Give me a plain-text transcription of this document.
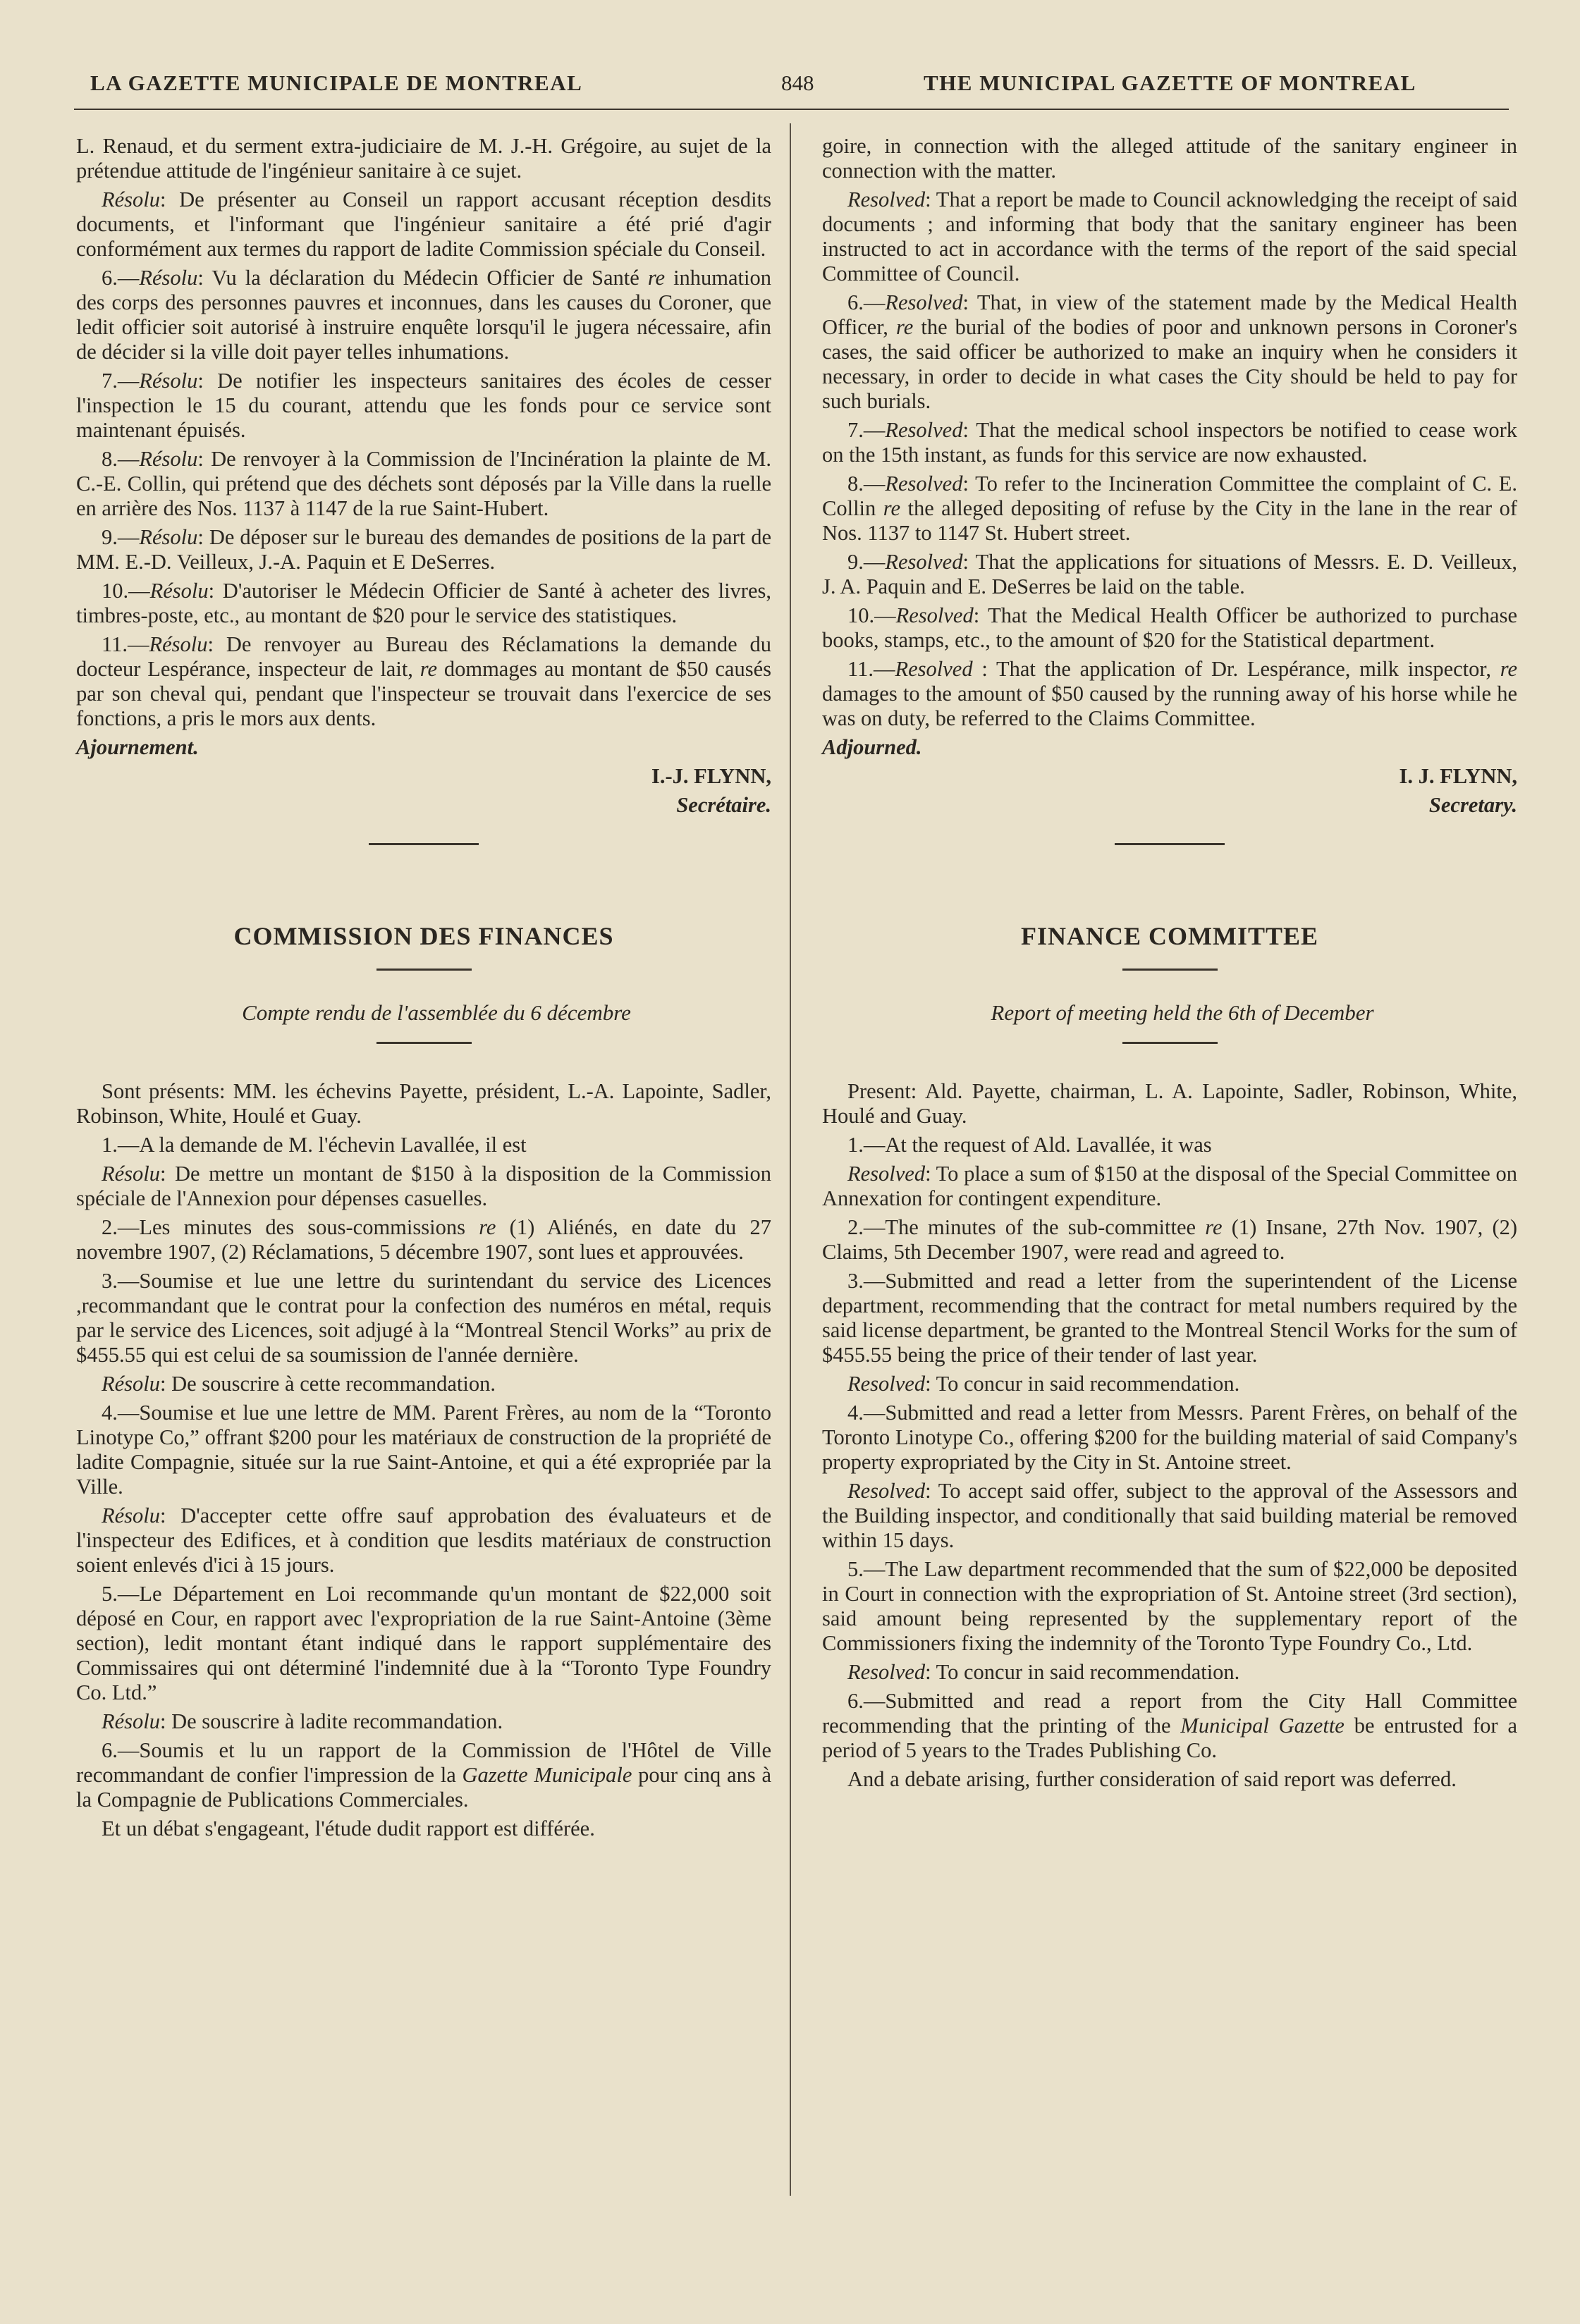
LA GAZETTE MUNICIPALE DE MONTREAL	848	THE MUNICIPAL GAZETTE OF MONTREAL

L. Renaud, et du serment extra-judiciaire de M. J.-H. Grégoire, au sujet de la prétendue attitude de l'ingénieur sanitaire à ce sujet.

Résolu: De présenter au Conseil un rapport accusant réception desdits documents, et l'informant que l'ingénieur sanitaire a été prié d'agir conformément aux termes du rapport de ladite Commission spéciale du Conseil.

6.—Résolu: Vu la déclaration du Médecin Officier de Santé re inhumation des corps des personnes pauvres et inconnues, dans les causes du Coroner, que ledit officier soit autorisé à instruire enquête lorsqu'il le jugera nécessaire, afin de décider si la ville doit payer telles inhumations.

7.—Résolu: De notifier les inspecteurs sanitaires des écoles de cesser l'inspection le 15 du courant, attendu que les fonds pour ce service sont maintenant épuisés.

8.—Résolu: De renvoyer à la Commission de l'Incinération la plainte de M. C.-E. Collin, qui prétend que des déchets sont déposés par la Ville dans la ruelle en arrière des Nos. 1137 à 1147 de la rue Saint-Hubert.

9.—Résolu: De déposer sur le bureau des demandes de positions de la part de MM. E.-D. Veilleux, J.-A. Paquin et E DeSerres.

10.—Résolu: D'autoriser le Médecin Officier de Santé à acheter des livres, timbres-poste, etc., au montant de $20 pour le service des statistiques.

11.—Résolu: De renvoyer au Bureau des Réclamations la demande du docteur Lespérance, inspecteur de lait, re dommages au montant de $50 causés par son cheval qui, pendant que l'inspecteur se trouvait dans l'exercice de ses fonctions, a pris le mors aux dents.

Ajournement.

I.-J. FLYNN,

Secrétaire.

COMMISSION DES FINANCES

Compte rendu de l'assemblée du 6 décembre

Sont présents: MM. les échevins Payette, président, L.-A. Lapointe, Sadler, Robinson, White, Houlé et Guay.

1.—A la demande de M. l'échevin Lavallée, il est

Résolu: De mettre un montant de $150 à la disposition de la Commission spéciale de l'Annexion pour dépenses casuelles.

2.—Les minutes des sous-commissions re (1) Aliénés, en date du 27 novembre 1907, (2) Réclamations, 5 décembre 1907, sont lues et approuvées.

3.—Soumise et lue une lettre du surintendant du service des Licences ,recommandant que le contrat pour la confection des numéros en métal, requis par le service des Licences, soit adjugé à la “Montreal Stencil Works” au prix de $455.55 qui est celui de sa soumission de l'année dernière.

Résolu: De souscrire à cette recommandation.

4.—Soumise et lue une lettre de MM. Parent Frères, au nom de la “Toronto Linotype Co,” offrant $200 pour les matériaux de construction de la propriété de ladite Compagnie, située sur la rue Saint-Antoine, et qui a été expropriée par la Ville.

Résolu: D'accepter cette offre sauf approbation des évaluateurs et de l'inspecteur des Edifices, et à condition que lesdits matériaux de construction soient enlevés d'ici à 15 jours.

5.—Le Département en Loi recommande qu'un montant de $22,000 soit déposé en Cour, en rapport avec l'expropriation de la rue Saint-Antoine (3ème section), ledit montant étant indiqué dans le rapport supplémentaire des Commissaires qui ont déterminé l'indemnité due à la “Toronto Type Foundry Co. Ltd.”

Résolu: De souscrire à ladite recommandation.

6.—Soumis et lu un rapport de la Commission de l'Hôtel de Ville recommandant de confier l'impression de la Gazette Municipale pour cinq ans à la Compagnie de Publications Commerciales.

Et un débat s'engageant, l'étude dudit rapport est différée.

goire, in connection with the alleged attitude of the sanitary engineer in connection with the matter.

Resolved: That a report be made to Council acknowledging the receipt of said documents ; and informing that body that the sanitary engineer has been instructed to act in accordance with the terms of the report of the said special Committee of Council.

6.—Resolved: That, in view of the statement made by the Medical Health Officer, re the burial of the bodies of poor and unknown persons in Coroner's cases, the said officer be authorized to make an inquiry when he considers it necessary, in order to decide in what cases the City should be held to pay for such burials.

7.—Resolved: That the medical school inspectors be notified to cease work on the 15th instant, as funds for this service are now exhausted.

8.—Resolved: To refer to the Incineration Committee the complaint of C. E. Collin re the alleged depositing of refuse by the City in the lane in the rear of Nos. 1137 to 1147 St. Hubert street.

9.—Resolved: That the applications for situations of Messrs. E. D. Veilleux, J. A. Paquin and E. DeSerres be laid on the table.

10.—Resolved: That the Medical Health Officer be authorized to purchase books, stamps, etc., to the amount of $20 for the Statistical department.

11.—Resolved : That the application of Dr. Lespérance, milk inspector, re damages to the amount of $50 caused by the running away of his horse while he was on duty, be referred to the Claims Committee.

Adjourned.

I. J. FLYNN,

Secretary.

FINANCE COMMITTEE

Report of meeting held the 6th of December

Present: Ald. Payette, chairman, L. A. Lapointe, Sadler, Robinson, White, Houlé and Guay.

1.—At the request of Ald. Lavallée, it was

Resolved: To place a sum of $150 at the disposal of the Special Committee on Annexation for contingent expenditure.

2.—The minutes of the sub-committee re (1) Insane, 27th Nov. 1907, (2) Claims, 5th December 1907, were read and agreed to.

3.—Submitted and read a letter from the superintendent of the License department, recommending that the contract for metal numbers required by the said license department, be granted to the Montreal Stencil Works for the sum of $455.55 being the price of their tender of last year.

Resolved: To concur in said recommendation.

4.—Submitted and read a letter from Messrs. Parent Frères, on behalf of the Toronto Linotype Co., offering $200 for the building material of said Company's property expropriated by the City in St. Antoine street.

Resolved: To accept said offer, subject to the approval of the Assessors and the Building inspector, and conditionally that said building material be removed within 15 days.

5.—The Law department recommended that the sum of $22,000 be deposited in Court in connection with the expropriation of St. Antoine street (3rd section), said amount being represented by the supplementary report of the Commissioners fixing the indemnity of the Toronto Type Foundry Co., Ltd.

Resolved: To concur in said recommendation.

6.—Submitted and read a report from the City Hall Committee recommending that the printing of the Municipal Gazette be entrusted for a period of 5 years to the Trades Publishing Co.

And a debate arising, further consideration of said report was deferred.
